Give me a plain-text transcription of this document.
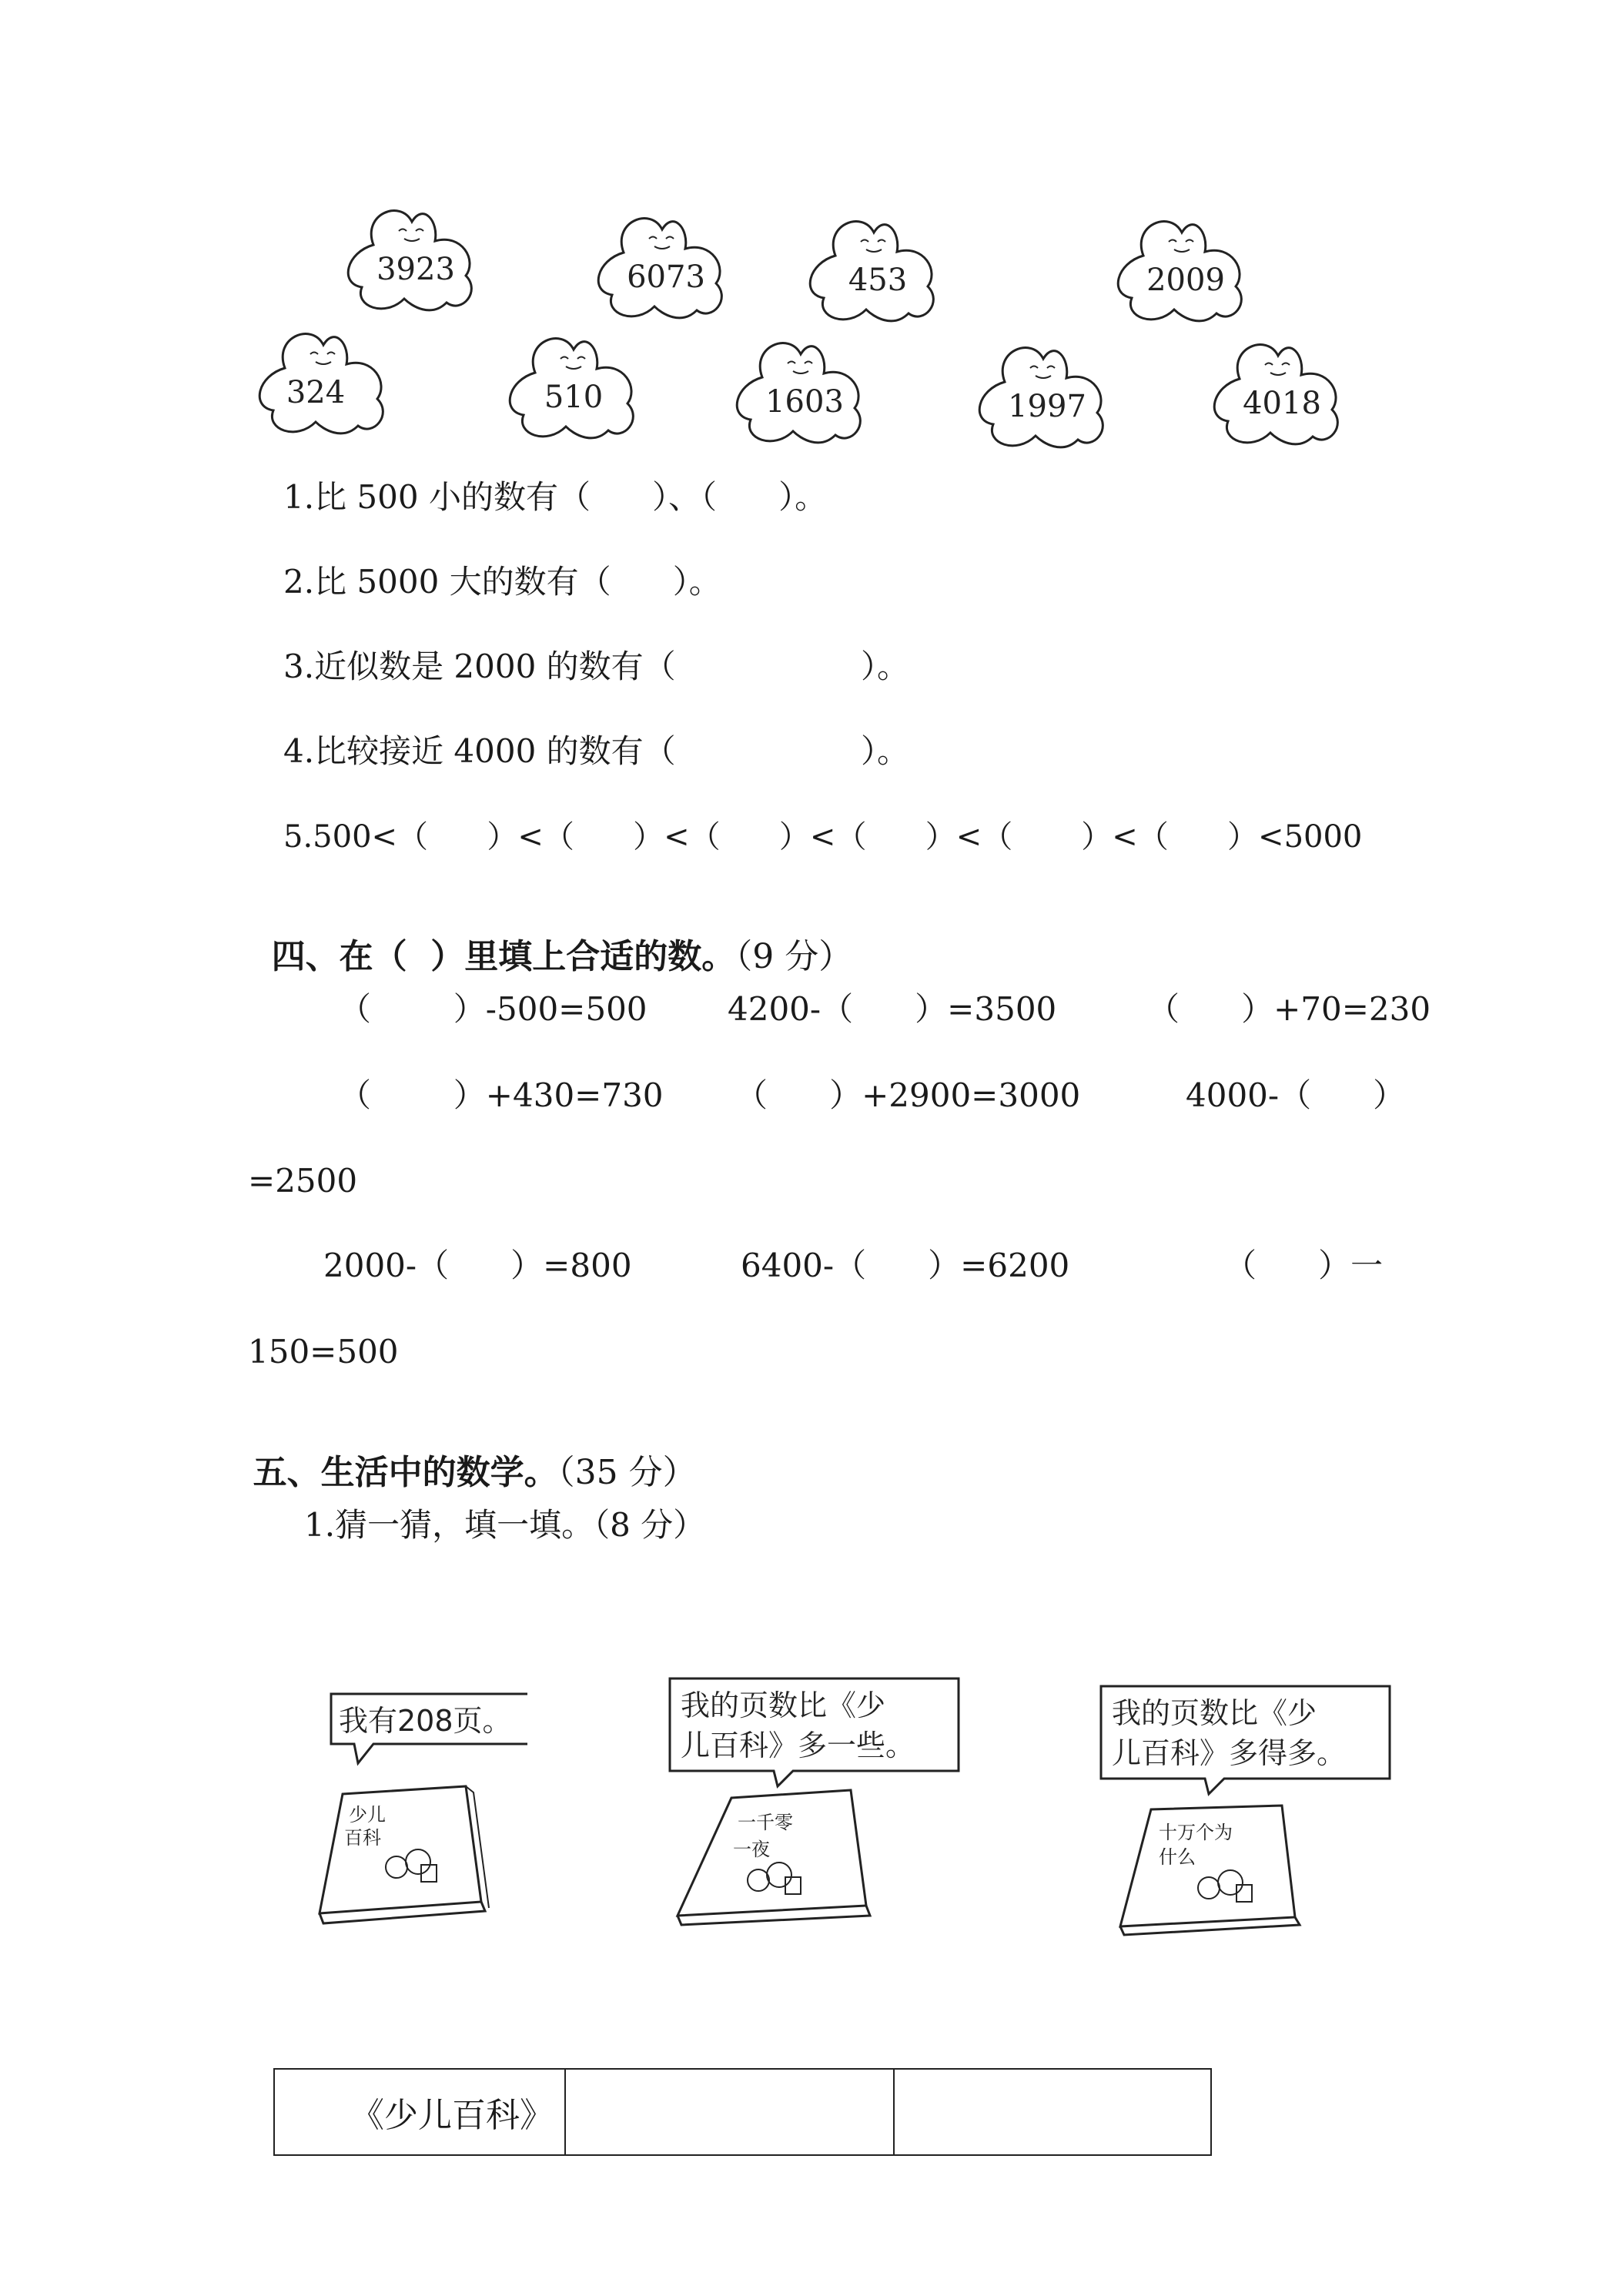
3923	6073	453	2009
324	510	1603	1997	4018
1.比 500 小的数有（      ）、（      ）。
2.比 5000 大的数有（      ）。
3.近似数是 2000 的数有（                  ）。
4.比较接近 4000 的数有（                  ）。
5.500<（      ）<（      ）<（      ）<（      ）<（       ）<（      ）<5000

四、在（  ）里填上合适的数。（9 分）

（        ）-500=500 4200-（      ）=3500	（      ）+70=230
（        ）+430=730 （      ）+2900=3000	4000-（      ）
=2500
2000-（      ）=800	6400-（      ）=6200	（      ）一
150=500

五、生活中的数学。（35 分）

1.猜一猜，填一填。（8 分）
我有208页。
少儿
百科
我的页数比《少
儿百科》多一些。
一千零
一夜
我的页数比《少
儿百科》多得多。
十万个为
什么
《少儿百科》		
